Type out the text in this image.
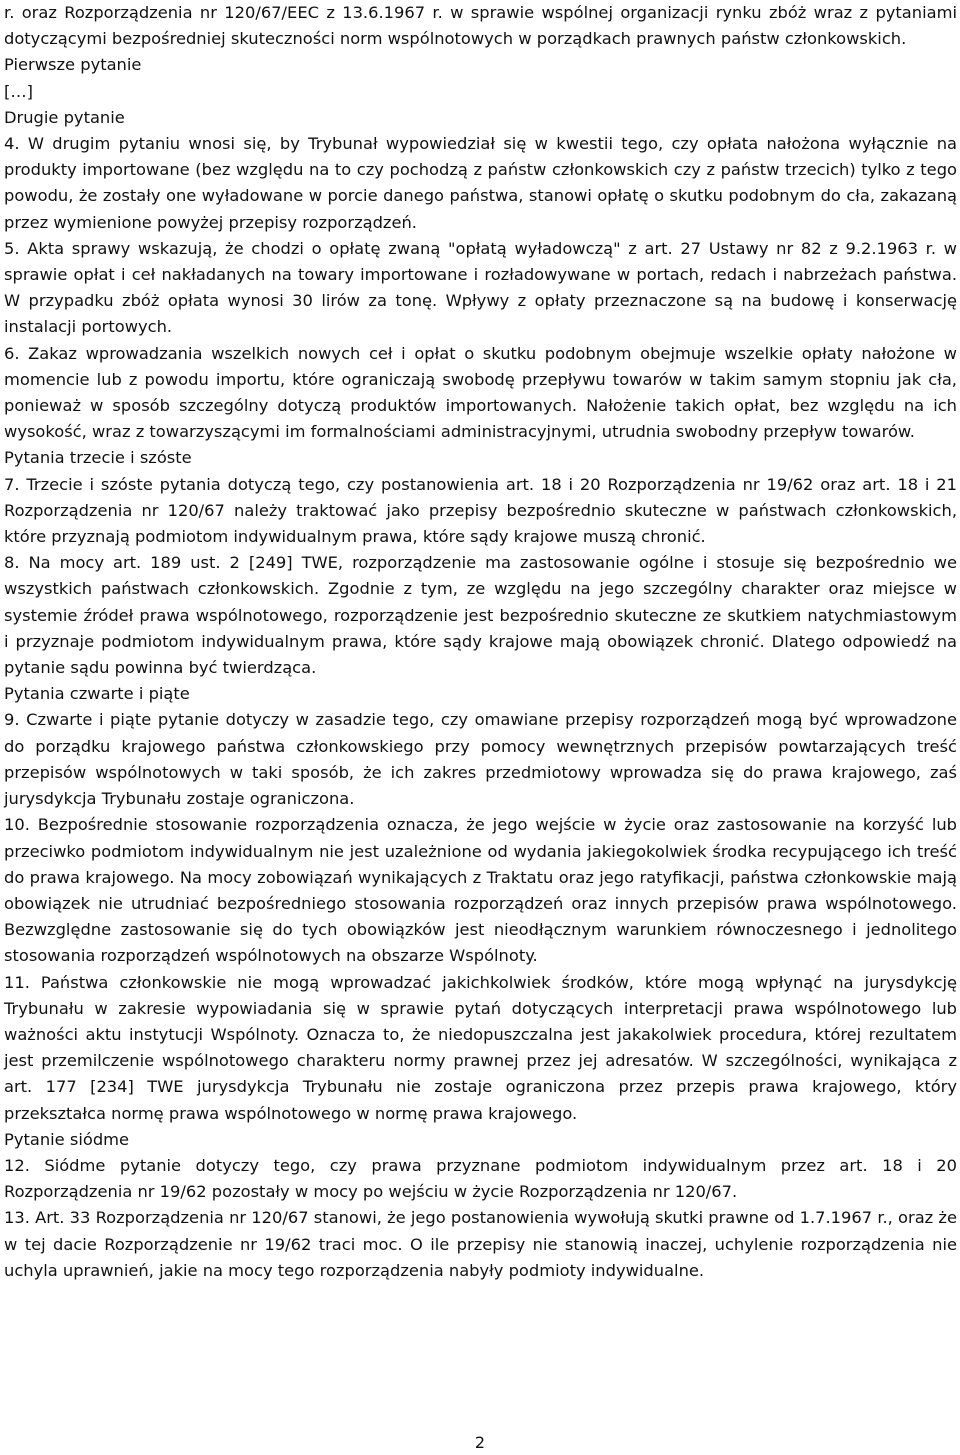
r. oraz Rozporządzenia nr 120/67/EEC z 13.6.1967 r. w sprawie wspólnej organizacji rynku zbóż wraz z pytaniami dotyczącymi bezpośredniej skuteczności norm wspólnotowych w porządkach prawnych państw członkowskich.

Pierwsze pytanie

[…]

Drugie pytanie

4. W drugim pytaniu wnosi się, by Trybunał wypowiedział się w kwestii tego, czy opłata nałożona wyłącznie na produkty importowane (bez względu na to czy pochodzą z państw członkowskich czy z państw trzecich) tylko z tego powodu, że zostały one wyładowane w porcie danego państwa, stanowi opłatę o skutku podobnym do cła, zakazaną przez wymienione powyżej przepisy rozporządzeń.

5. Akta sprawy wskazują, że chodzi o opłatę zwaną "opłatą wyładowczą" z art. 27 Ustawy nr 82 z 9.2.1963 r. w sprawie opłat i ceł nakładanych na towary importowane i rozładowywane w portach, redach i nabrzeżach państwa. W przypadku zbóż opłata wynosi 30 lirów za tonę. Wpływy z opłaty przeznaczone są na budowę i konserwację instalacji portowych.

6. Zakaz wprowadzania wszelkich nowych ceł i opłat o skutku podobnym obejmuje wszelkie opłaty nałożone w momencie lub z powodu importu, które ograniczają swobodę przepływu towarów w takim samym stopniu jak cła, ponieważ w sposób szczególny dotyczą produktów importowanych. Nałożenie takich opłat, bez względu na ich wysokość, wraz z towarzyszącymi im formalnościami administracyjnymi, utrudnia swobodny przepływ towarów.

Pytania trzecie i szóste

7. Trzecie i szóste pytania dotyczą tego, czy postanowienia art. 18 i 20 Rozporządzenia nr 19/62 oraz art. 18 i 21 Rozporządzenia nr 120/67 należy traktować jako przepisy bezpośrednio skuteczne w państwach członkowskich, które przyznają podmiotom indywidualnym prawa, które sądy krajowe muszą chronić.

8. Na mocy art. 189 ust. 2 [249] TWE, rozporządzenie ma zastosowanie ogólne i stosuje się bezpośrednio we wszystkich państwach członkowskich. Zgodnie z tym, ze względu na jego szczególny charakter oraz miejsce w systemie źródeł prawa wspólnotowego, rozporządzenie jest bezpośrednio skuteczne ze skutkiem natychmiastowym i przyznaje podmiotom indywidualnym prawa, które sądy krajowe mają obowiązek chronić. Dlatego odpowiedź na pytanie sądu powinna być twierdząca.

Pytania czwarte i piąte

9. Czwarte i piąte pytanie dotyczy w zasadzie tego, czy omawiane przepisy rozporządzeń mogą być wprowadzone do porządku krajowego państwa członkowskiego przy pomocy wewnętrznych przepisów powtarzających treść przepisów wspólnotowych w taki sposób, że ich zakres przedmiotowy wprowadza się do prawa krajowego, zaś jurysdykcja Trybunału zostaje ograniczona.

10. Bezpośrednie stosowanie rozporządzenia oznacza, że jego wejście w życie oraz zastosowanie na korzyść lub przeciwko podmiotom indywidualnym nie jest uzależnione od wydania jakiegokolwiek środka recypującego ich treść do prawa krajowego. Na mocy zobowiązań wynikających z Traktatu oraz jego ratyfikacji, państwa członkowskie mają obowiązek nie utrudniać bezpośredniego stosowania rozporządzeń oraz innych przepisów prawa wspólnotowego. Bezwzględne zastosowanie się do tych obowiązków jest nieodłącznym warunkiem równoczesnego i jednolitego stosowania rozporządzeń wspólnotowych na obszarze Wspólnoty.

11. Państwa członkowskie nie mogą wprowadzać jakichkolwiek środków, które mogą wpłynąć na jurysdykcję Trybunału w zakresie wypowiadania się w sprawie pytań dotyczących interpretacji prawa wspólnotowego lub ważności aktu instytucji Wspólnoty. Oznacza to, że niedopuszczalna jest jakakolwiek procedura, której rezultatem jest przemilczenie wspólnotowego charakteru normy prawnej przez jej adresatów. W szczególności, wynikająca z art. 177 [234] TWE jurysdykcja Trybunału nie zostaje ograniczona przez przepis prawa krajowego, który przekształca normę prawa wspólnotowego w normę prawa krajowego.

Pytanie siódme

12. Siódme pytanie dotyczy tego, czy prawa przyznane podmiotom indywidualnym przez art. 18 i 20 Rozporządzenia nr 19/62 pozostały w mocy po wejściu w życie Rozporządzenia nr 120/67.

13. Art. 33 Rozporządzenia nr 120/67 stanowi, że jego postanowienia wywołują skutki prawne od 1.7.1967 r., oraz że w tej dacie Rozporządzenie nr 19/62 traci moc. O ile przepisy nie stanowią inaczej, uchylenie rozporządzenia nie uchyla uprawnień, jakie na mocy tego rozporządzenia nabyły podmioty indywidualne.

2
